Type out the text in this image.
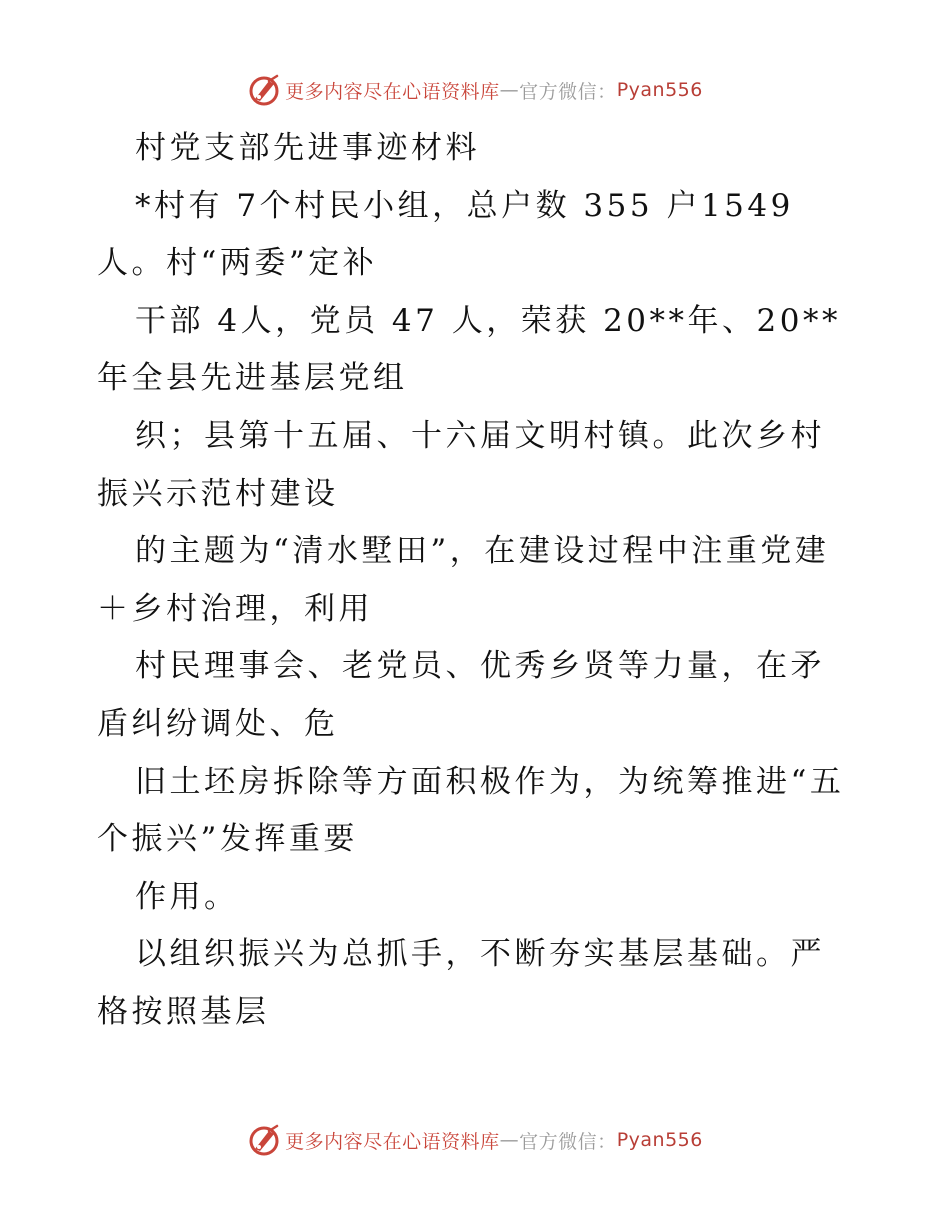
更多内容尽在心语资料库 — 官方微信： Pyan556

村党支部先进事迹材料

*村有 7个村民小组，总户数 355 户1549 人。村“两委”定补

干部 4人，党员 47 人，荣获 20**年、20**年全县先进基层党组

织；县第十五届、十六届文明村镇。此次乡村振兴示范村建设

的主题为“清水墅田”，在建设过程中注重党建＋乡村治理，利用

村民理事会、老党员、优秀乡贤等力量，在矛盾纠纷调处、危

旧土坯房拆除等方面积极作为，为统筹推进“五个振兴”发挥重要

作用。

以组织振兴为总抓手，不断夯实基层基础。严格按照基层

更多内容尽在心语资料库 — 官方微信： Pyan556
